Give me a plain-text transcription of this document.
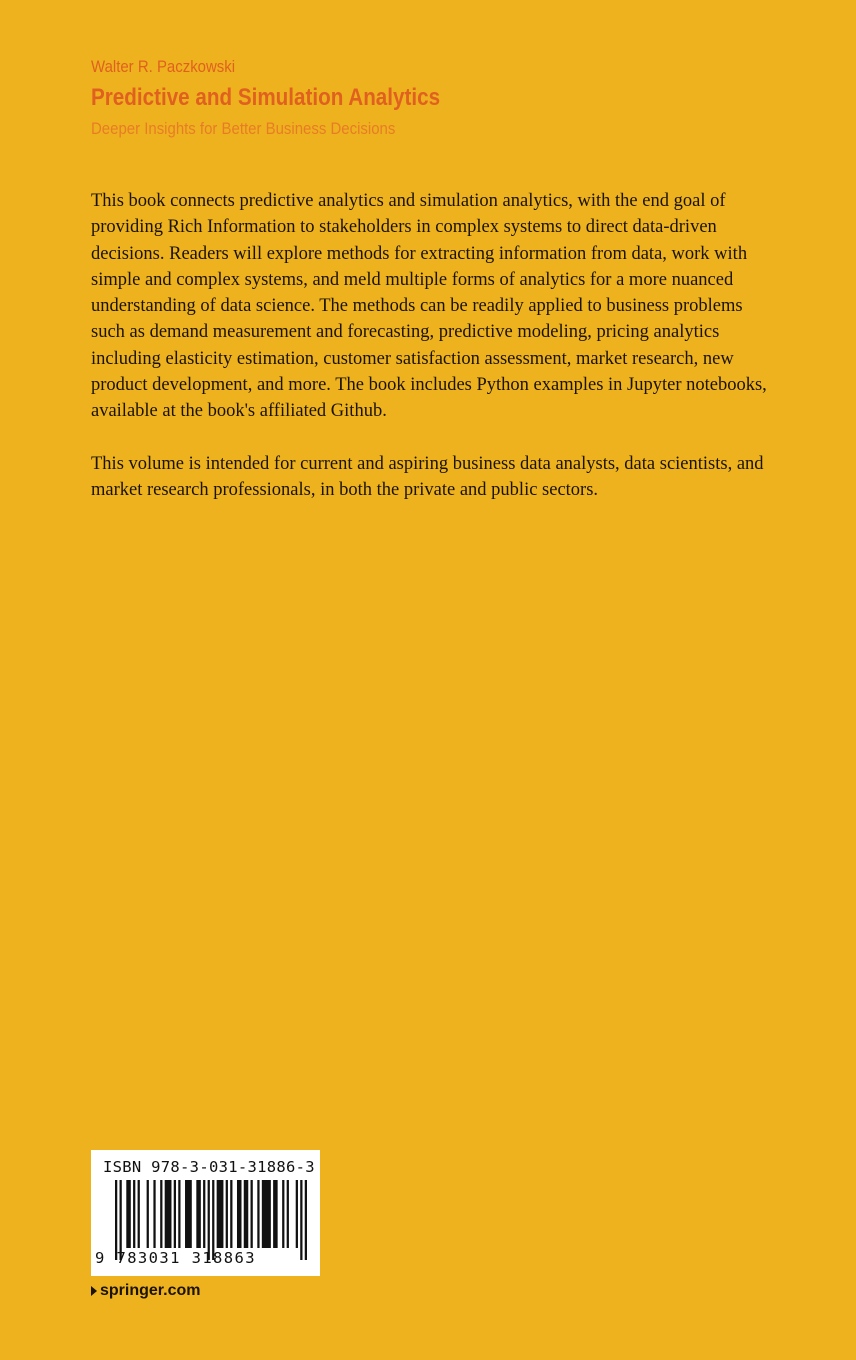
Walter R. Paczkowski
Predictive and Simulation Analytics
Deeper Insights for Better Business Decisions

This book connects predictive analytics and simulation analytics, with the end goal of providing Rich Information to stakeholders in complex systems to direct data-driven decisions. Readers will explore methods for extracting information from data, work with simple and complex systems, and meld multiple forms of analytics for a more nuanced understanding of data science. The methods can be readily applied to business problems such as demand measurement and forecasting, predictive modeling, pricing analytics including elasticity estimation, customer satisfaction assessment, market research, new product development, and more. The book includes Python examples in Jupyter notebooks, available at the book's affiliated Github.

This volume is intended for current and aspiring business data analysts, data scientists, and market research professionals, in both the private and public sectors.

ISBN 978-3-031-31886-3
9 783031 318863
springer.com
